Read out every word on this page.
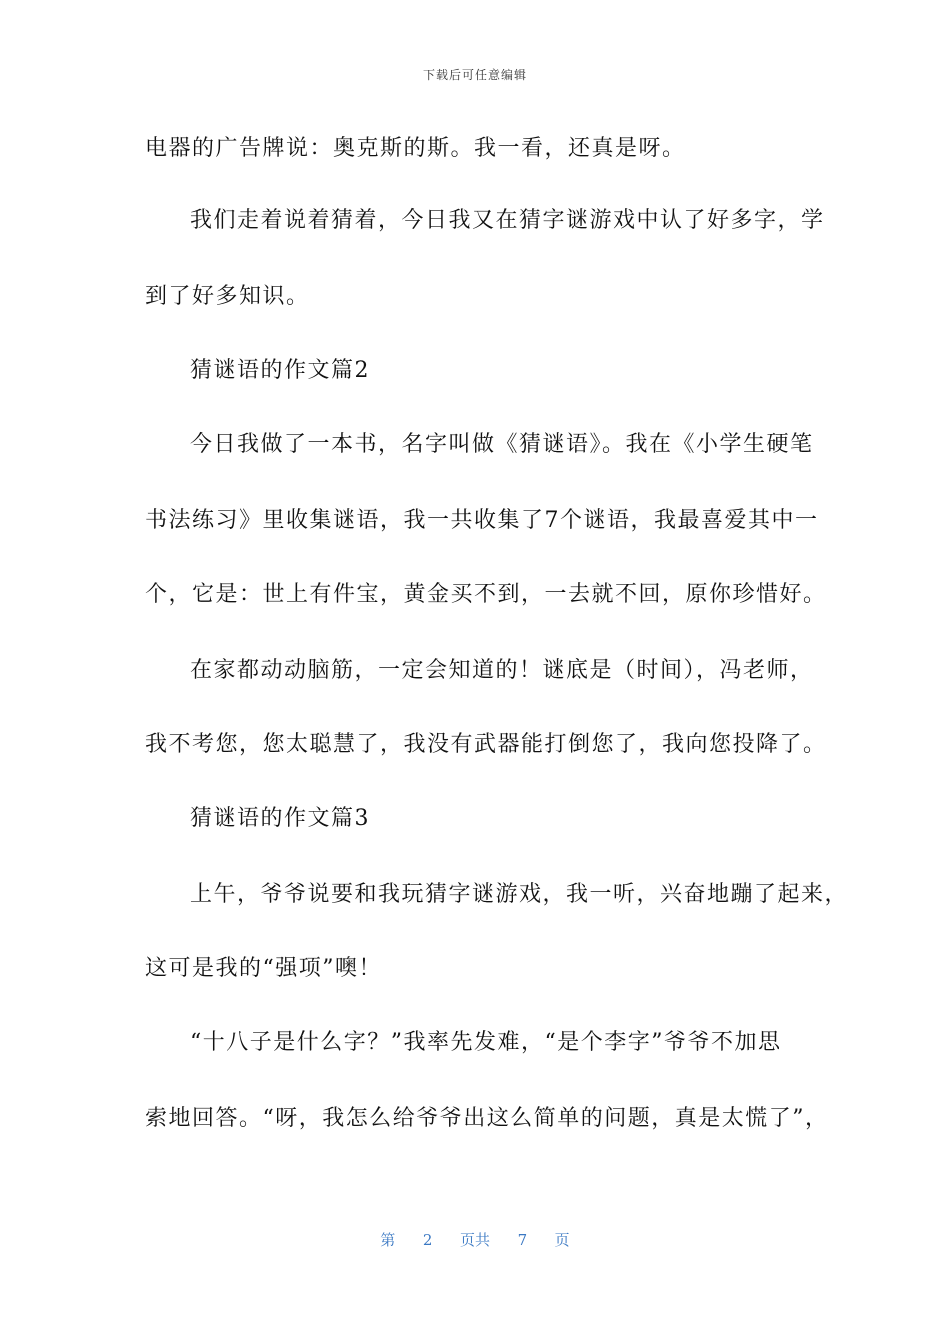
下载后可任意编辑
电器的广告牌说：奥克斯的斯。我一看，还真是呀。
我们走着说着猜着，今日我又在猜字谜游戏中认了好多字，学
到了好多知识。
猜谜语的作文篇2
今日我做了一本书，名字叫做《猜谜语》。我在《小学生硬笔
书法练习》里收集谜语，我一共收集了7个谜语，我最喜爱其中一
个，它是：世上有件宝，黄金买不到，一去就不回，原你珍惜好。
在家都动动脑筋，一定会知道的！谜底是（时间），冯老师，
我不考您，您太聪慧了，我没有武器能打倒您了，我向您投降了。
猜谜语的作文篇3
上午，爷爷说要和我玩猜字谜游戏，我一听，兴奋地蹦了起来，
这可是我的“强项”噢！
“十八子是什么字？”我率先发难，“是个李字”爷爷不加思
索地回答。“呀，我怎么给爷爷出这么简单的问题，真是太慌了”，
第 2 页共 7 页
